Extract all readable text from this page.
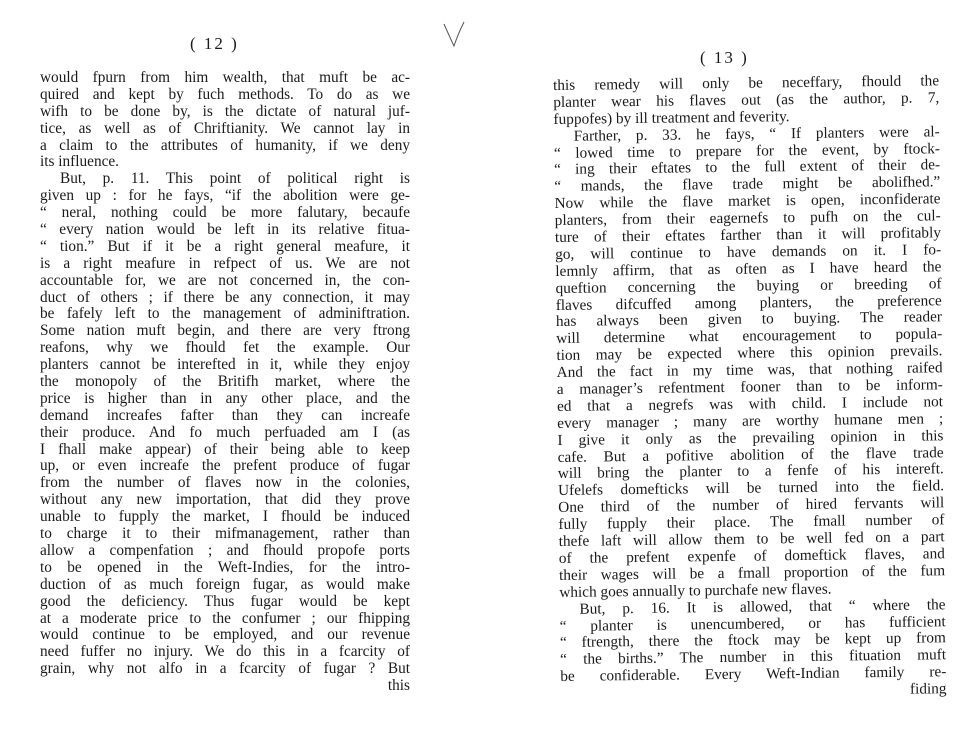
( 12 )
( 13 )
would fpurn from him wealth, that muft be ac-
quired and kept by fuch methods. To do as we
wifh to be done by, is the dictate of natural juf-
tice, as well as of Chriftianity. We cannot lay in
a claim to the attributes of humanity, if we deny
its influence.
But, p. 11. This point of political right is
given up : for he fays, “if the abolition were ge-
“ neral, nothing could be more falutary, becaufe
“ every nation would be left in its relative fitua-
“ tion.” But if it be a right general meafure, it
is a right meafure in refpect of us. We are not
accountable for, we are not concerned in, the con-
duct of others ; if there be any connection, it may
be fafely left to the management of adminiftration.
Some nation muft begin, and there are very ftrong
reafons, why we fhould fet the example. Our
planters cannot be interefted in it, while they enjoy
the monopoly of the Britifh market, where the
price is higher than in any other place, and the
demand increafes fafter than they can increafe
their produce. And fo much perfuaded am I (as
I fhall make appear) of their being able to keep
up, or even increafe the prefent produce of fugar
from the number of flaves now in the colonies,
without any new importation, that did they prove
unable to fupply the market, I fhould be induced
to charge it to their mifmanagement, rather than
allow a compenfation ; and fhould propofe ports
to be opened in the Weft-Indies, for the intro-
duction of as much foreign fugar, as would make
good the deficiency. Thus fugar would be kept
at a moderate price to the confumer ; our fhipping
would continue to be employed, and our revenue
need fuffer no injury. We do this in a fcarcity of
grain, why not alfo in a fcarcity of fugar ? But
this
this remedy will only be neceffary, fhould the
planter wear his flaves out (as the author, p. 7,
fuppofes) by ill treatment and feverity.
Farther, p. 33. he fays, “ If planters were al-
“ lowed time to prepare for the event, by ftock-
“ ing their eftates to the full extent of their de-
“ mands, the flave trade might be abolifhed.”
Now while the flave market is open, inconfiderate
planters, from their eagernefs to pufh on the cul-
ture of their eftates farther than it will profitably
go, will continue to have demands on it. I fo-
lemnly affirm, that as often as I have heard the
queftion concerning the buying or breeding of
flaves difcuffed among planters, the preference
has always been given to buying. The reader
will determine what encouragement to popula-
tion may be expected where this opinion prevails.
And the fact in my time was, that nothing raifed
a manager’s refentment fooner than to be inform-
ed that a negrefs was with child. I include not
every manager ; many are worthy humane men ;
I give it only as the prevailing opinion in this
cafe. But a pofitive abolition of the flave trade
will bring the planter to a fenfe of his intereft.
Ufelefs domefticks will be turned into the field.
One third of the number of hired fervants will
fully fupply their place. The fmall number of
thefe laft will allow them to be well fed on a part
of the prefent expenfe of domeftick flaves, and
their wages will be a fmall proportion of the fum
which goes annually to purchafe new flaves.
But, p. 16. It is allowed, that “ where the
“ planter is unencumbered, or has fufficient
“ ftrength, there the ftock may be kept up from
“ the births.” The number in this fituation muft
be confiderable. Every Weft-Indian family re-
fiding
